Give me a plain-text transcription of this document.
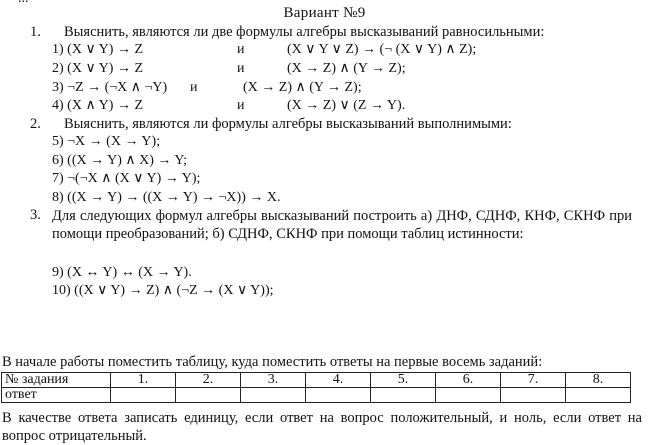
Вариант №9
1. Выяснить, являются ли две формулы алгебры высказываний равносильными:
1) (X ∨ Y) → Z	и	(X ∨ Y ∨ Z) → (¬ (X ∨ Y) ∧ Z);
2) (X ∨ Y) → Z	и	(X → Z) ∧ (Y → Z);
3) ¬Z → (¬X ∧ ¬Y) и	(X → Z) ∧ (Y → Z);
4) (X ∧ Y) → Z	и	(X → Z) ∨ (Z → Y).
2. Выяснить, являются ли формулы алгебры высказываний выполнимыми:
5) ¬X → (X → Y);
6) ((X → Y) ∧ X) → Y;
7) ¬(¬X ∧ (X ∨ Y) → Y);
8) ((X → Y) → ((X → Y) → ¬X)) → X.
3. Для следующих формул алгебры высказываний построить а) ДНФ, СДНФ, КНФ, СКНФ при помощи преобразований; б) СДНФ, СКНФ при помощи таблиц истинности:
9) (X ↔ Y) ↔ (X → Y).
10) ((X ∨ Y) → Z) ∧ (¬Z → (X ∨ Y));
В начале работы поместить таблицу, куда поместить ответы на первые восемь заданий:
№ задания	1.	2.	3.	4.	5.	6.	7.	8.
ответ								
В качестве ответа записать единицу, если ответ на вопрос положительный, и ноль, если ответ на вопрос отрицательный.
